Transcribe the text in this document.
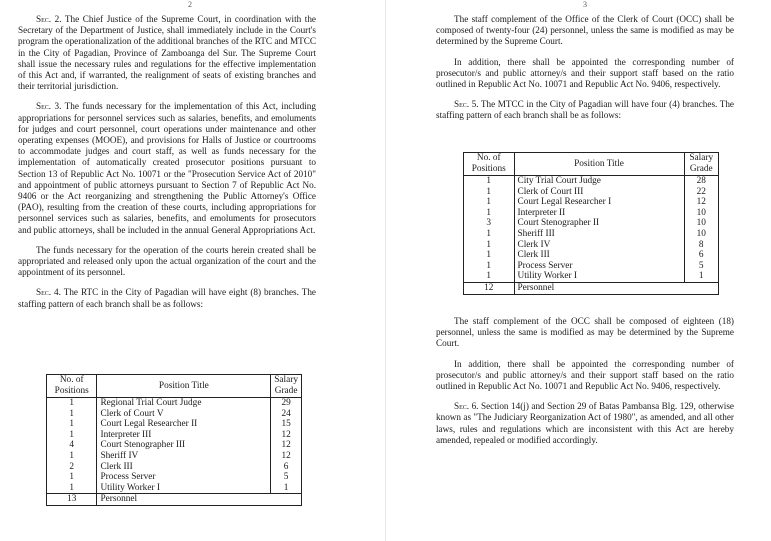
2

Sec. 2. The Chief Justice of the Supreme Court, in coordination with the Secretary of the Department of Justice, shall immediately include in the Court's program the operationalization of the additional branches of the RTC and MTCC in the City of Pagadian, Province of Zamboanga del Sur. The Supreme Court shall issue the necessary rules and regulations for the effective implementation of this Act and, if warranted, the realignment of seats of existing branches and their territorial jurisdiction.

Sec. 3. The funds necessary for the implementation of this Act, including appropriations for personnel services such as salaries, benefits, and emoluments for judges and court personnel, court operations under maintenance and other operating expenses (MOOE), and provisions for Halls of Justice or courtrooms to accommodate judges and court staff, as well as funds necessary for the implementation of automatically created prosecutor positions pursuant to Section 13 of Republic Act No. 10071 or the "Prosecution Service Act of 2010" and appointment of public attorneys pursuant to Section 7 of Republic Act No. 9406 or the Act reorganizing and strengthening the Public Attorney's Office (PAO), resulting from the creation of these courts, including appropriations for personnel services such as salaries, benefits, and emoluments for prosecutors and public attorneys, shall be included in the annual General Appropriations Act.

The funds necessary for the operation of the courts herein created shall be appropriated and released only upon the actual organization of the court and the appointment of its personnel.

Sec. 4. The RTC in the City of Pagadian will have eight (8) branches. The staffing pattern of each branch shall be as follows:

No. of Positions	Position Title	Salary Grade
1	Regional Trial Court Judge	29
1	Clerk of Court V	24
1	Court Legal Researcher II	15
1	Interpreter III	12
4	Court Stenographer III	12
1	Sheriff IV	12
2	Clerk III	6
1	Process Server	5
1	Utility Worker I	1
13	Personnel	
3

The staff complement of the Office of the Clerk of Court (OCC) shall be composed of twenty-four (24) personnel, unless the same is modified as may be determined by the Supreme Court.

In addition, there shall be appointed the corresponding number of prosecutor/s and public attorney/s and their support staff based on the ratio outlined in Republic Act No. 10071 and Republic Act No. 9406, respectively.

Sec. 5. The MTCC in the City of Pagadian will have four (4) branches. The staffing pattern of each branch shall be as follows:

No. of Positions	Position Title	Salary Grade
1	City Trial Court Judge	28
1	Clerk of Court III	22
1	Court Legal Researcher I	12
1	Interpreter II	10
3	Court Stenographer II	10
1	Sheriff III	10
1	Clerk IV	8
1	Clerk III	6
1	Process Server	5
1	Utility Worker I	1
12	Personnel	

The staff complement of the OCC shall be composed of eighteen (18) personnel, unless the same is modified as may be determined by the Supreme Court.

In addition, there shall be appointed the corresponding number of prosecutor/s and public attorney/s and their support staff based on the ratio outlined in Republic Act No. 10071 and Republic Act No. 9406, respectively.

Sec. 6. Section 14(j) and Section 29 of Batas Pambansa Blg. 129, otherwise known as "The Judiciary Reorganization Act of 1980", as amended, and all other laws, rules and regulations which are inconsistent with this Act are hereby amended, repealed or modified accordingly.
